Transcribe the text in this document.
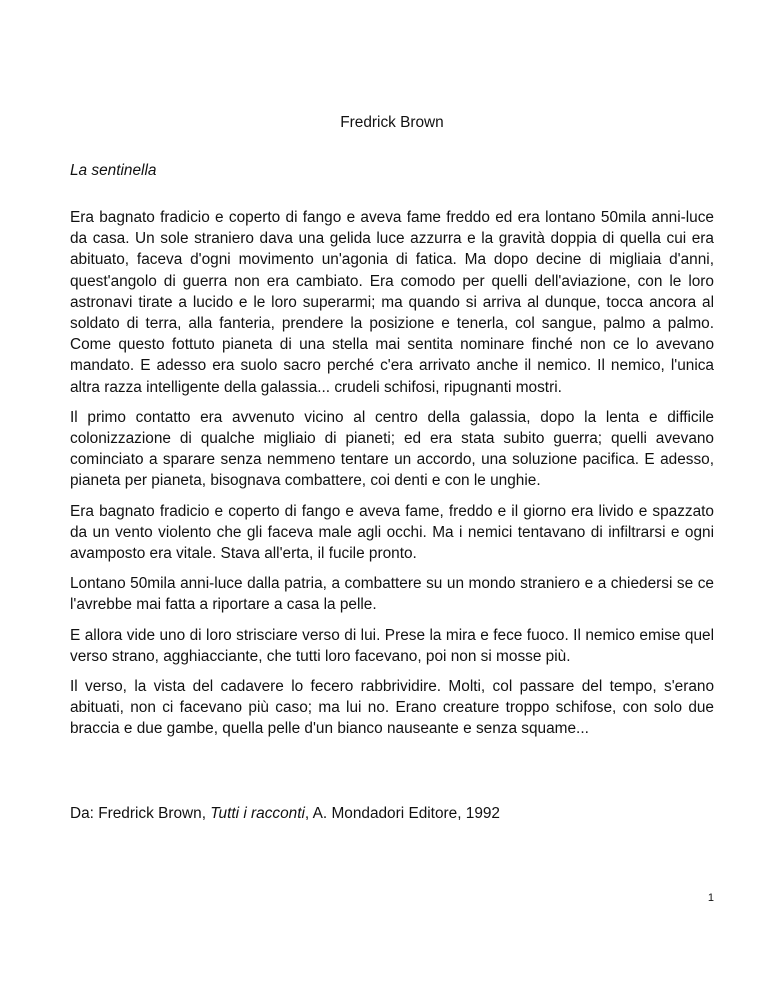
Fredrick Brown

La sentinella

Era bagnato fradicio e coperto di fango e aveva fame freddo ed era lontano 50mila anni-luce da casa. Un sole straniero dava una gelida luce azzurra e la gravità doppia di quella cui era abituato, faceva d'ogni movimento un'agonia di fatica. Ma dopo decine di migliaia d'anni, quest'angolo di guerra non era cambiato. Era comodo per quelli dell'aviazione, con le loro astronavi tirate a lucido e le loro superarmi; ma quando si arriva al dunque, tocca ancora al soldato di terra, alla fanteria, prendere la posizione e tenerla, col sangue, palmo a palmo. Come questo fottuto pianeta di una stella mai sentita nominare finché non ce lo avevano mandato. E adesso era suolo sacro perché c'era arrivato anche il nemico. Il nemico, l'unica altra razza intelligente della galassia... crudeli schifosi, ripugnanti mostri.

Il primo contatto era avvenuto vicino al centro della galassia, dopo la lenta e difficile colonizzazione di qualche migliaio di pianeti; ed era stata subito guerra; quelli avevano cominciato a sparare senza nemmeno tentare un accordo, una soluzione pacifica. E adesso, pianeta per pianeta, bisognava combattere, coi denti e con le unghie.

Era bagnato fradicio e coperto di fango e aveva fame, freddo e il giorno era livido e spazzato da un vento violento che gli faceva male agli occhi. Ma i nemici tentavano di infiltrarsi e ogni avamposto era vitale. Stava all'erta, il fucile pronto.

Lontano 50mila anni-luce dalla patria, a combattere su un mondo straniero e a chiedersi se ce l'avrebbe mai fatta a riportare a casa la pelle.

E allora vide uno di loro strisciare verso di lui. Prese la mira e fece fuoco. Il nemico emise quel verso strano, agghiacciante, che tutti loro facevano, poi non si mosse più.

Il verso, la vista del cadavere lo fecero rabbrividire. Molti, col passare del tempo, s'erano abituati, non ci facevano più caso; ma lui no. Erano creature troppo schifose, con solo due braccia e due gambe, quella pelle d'un bianco nauseante e senza squame...

Da: Fredrick Brown, Tutti i racconti, A. Mondadori Editore, 1992

1
